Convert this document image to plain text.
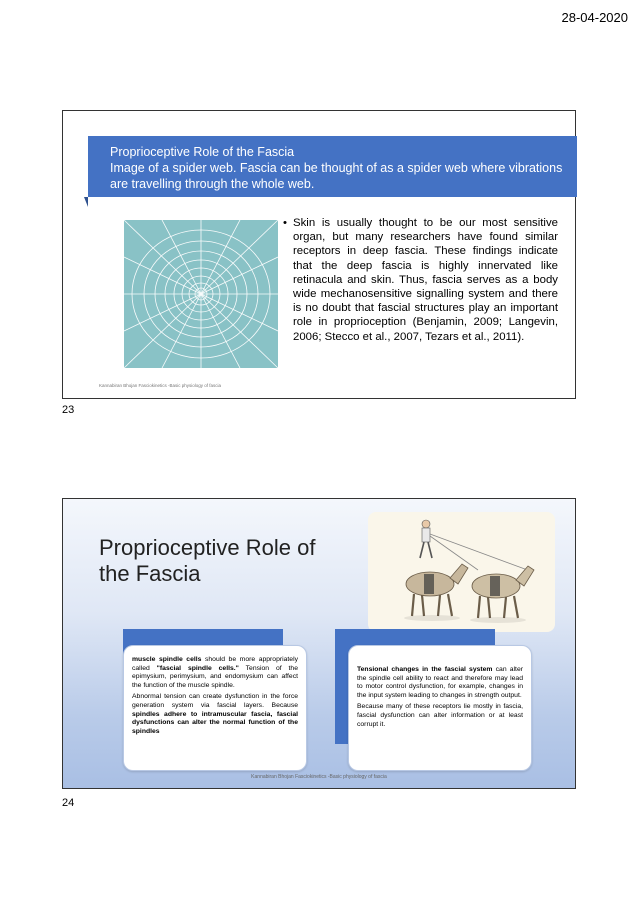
28-04-2020
Proprioceptive Role of the Fascia
Image of a spider web. Fascia can be thought of as a spider web where vibrations are travelling through the whole web.
• Skin is usually thought to be our most sensitive organ, but many researchers have found similar receptors in deep fascia. These findings indicate that the deep fascia is highly innervated like retinacula and skin. Thus, fascia serves as a body wide mechanosensitive signalling system and there is no doubt that fascial structures play an important role in proprioception (Benjamin, 2009; Langevin, 2006; Stecco et al., 2007, Tezars et al., 2011).
Kannabiran Bhojan Fasciokinetics -Basic physiology of fascia
23
Proprioceptive Role of
the Fascia

muscle spindle cells should be more appropriately called "fascial spindle cells." Tension of the epimysium, perimysium, and endomysium can affect the function of the muscle spindle.

Abnormal tension can create dysfunction in the force generation system via fascial layers. Because spindles adhere to intramuscular fascia, fascial dysfunctions can alter the normal function of the spindles

Tensional changes in the fascial system can alter the spindle cell ability to react and therefore may lead to motor control dysfunction, for example, changes in the input system leading to changes in strength output.

Because many of these receptors lie mostly in fascia, fascial dysfunction can alter information or at least corrupt it.

Kannabiran Bhojan Fasciokinetics -Basic physiology of fascia
24
